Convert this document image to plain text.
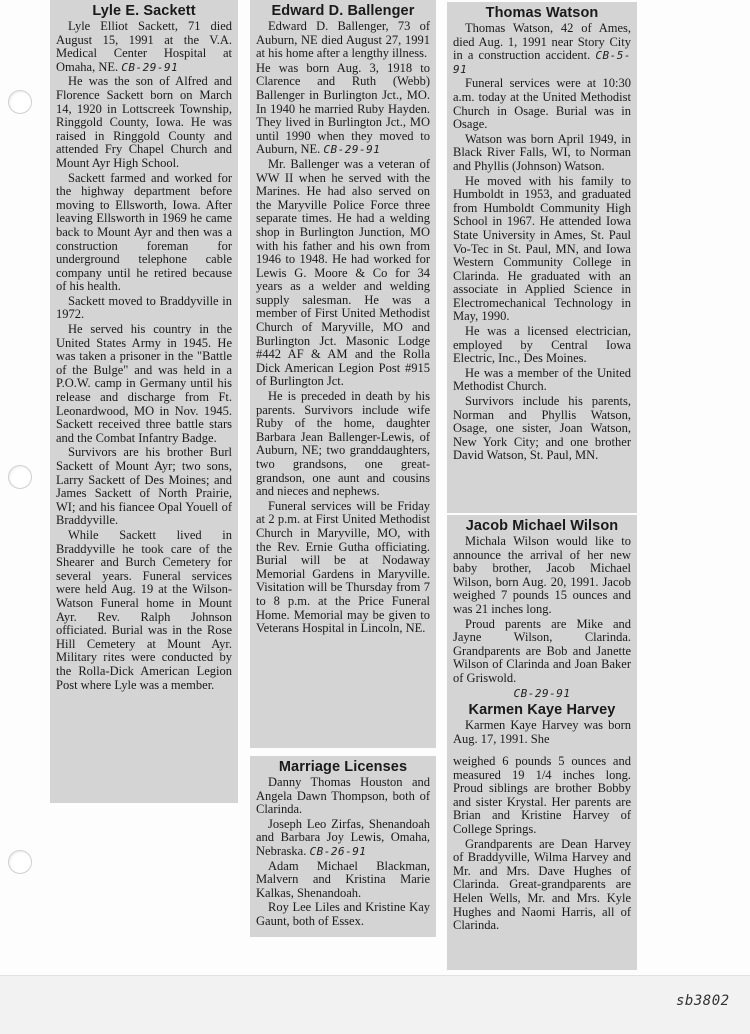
Lyle E. Sackett

Lyle Elliot Sackett, 71 died August 15, 1991 at the V.A. Medical Center Hospital at Omaha, NE. CB-29-91

He was the son of Alfred and Florence Sackett born on March 14, 1920 in Lottscreek Township, Ringgold County, Iowa. He was raised in Ringgold County and attended Fry Chapel Church and Mount Ayr High School.

Sackett farmed and worked for the highway department before moving to Ellsworth, Iowa. After leaving Ellsworth in 1969 he came back to Mount Ayr and then was a construction foreman for underground telephone cable company until he retired because of his health.

Sackett moved to Braddyville in 1972.

He served his country in the United States Army in 1945. He was taken a prisoner in the "Battle of the Bulge" and was held in a P.O.W. camp in Germany until his release and discharge from Ft. Leonardwood, MO in Nov. 1945. Sackett received three battle stars and the Combat Infantry Badge.

Survivors are his brother Burl Sackett of Mount Ayr; two sons, Larry Sackett of Des Moines; and James Sackett of North Prairie, WI; and his fiancee Opal Youell of Braddyville.

While Sackett lived in Braddyville he took care of the Shearer and Burch Cemetery for several years. Funeral services were held Aug. 19 at the Wilson-Watson Funeral home in Mount Ayr. Rev. Ralph Johnson officiated. Burial was in the Rose Hill Cemetery at Mount Ayr. Military rites were conducted by the Rolla-Dick American Legion Post where Lyle was a member.

Edward D. Ballenger

Edward D. Ballenger, 73 of Auburn, NE died August 27, 1991 at his home after a lengthy illness.

He was born Aug. 3, 1918 to Clarence and Ruth (Webb) Ballenger in Burlington Jct., MO. In 1940 he married Ruby Hayden. They lived in Burlington Jct., MO until 1990 when they moved to Auburn, NE. CB-29-91

Mr. Ballenger was a veteran of WW II when he served with the Marines. He had also served on the Maryville Police Force three separate times. He had a welding shop in Burlington Junction, MO with his father and his own from 1946 to 1948. He had worked for Lewis G. Moore & Co for 34 years as a welder and welding supply salesman. He was a member of First United Methodist Church of Maryville, MO and Burlington Jct. Masonic Lodge #442 AF & AM and the Rolla Dick American Legion Post #915 of Burlington Jct.

He is preceded in death by his parents. Survivors include wife Ruby of the home, daughter Barbara Jean Ballenger-Lewis, of Auburn, NE; two granddaughters, two grandsons, one great-grandson, one aunt and cousins and nieces and nephews.

Funeral services will be Friday at 2 p.m. at First United Methodist Church in Maryville, MO, with the Rev. Ernie Gutha officiating. Burial will be at Nodaway Memorial Gardens in Maryville. Visitation will be Thursday from 7 to 8 p.m. at the Price Funeral Home. Memorial may be given to Veterans Hospital in Lincoln, NE.

Marriage Licenses

Danny Thomas Houston and Angela Dawn Thompson, both of Clarinda.

Joseph Leo Zirfas, Shenandoah and Barbara Joy Lewis, Omaha, Nebraska. CB-26-91

Adam Michael Blackman, Malvern and Kristina Marie Kalkas, Shenandoah.

Roy Lee Liles and Kristine Kay Gaunt, both of Essex.

Thomas Watson

Thomas Watson, 42 of Ames, died Aug. 1, 1991 near Story City in a construction accident. CB-5-91

Funeral services were at 10:30 a.m. today at the United Methodist Church in Osage. Burial was in Osage.

Watson was born April 1949, in Black River Falls, WI, to Norman and Phyllis (Johnson) Watson.

He moved with his family to Humboldt in 1953, and graduated from Humboldt Community High School in 1967. He attended Iowa State University in Ames, St. Paul Vo-Tec in St. Paul, MN, and Iowa Western Community College in Clarinda. He graduated with an associate in Applied Science in Electromechanical Technology in May, 1990.

He was a licensed electrician, employed by Central Iowa Electric, Inc., Des Moines.

He was a member of the United Methodist Church.

Survivors include his parents, Norman and Phyllis Watson, Osage, one sister, Joan Watson, New York City; and one brother David Watson, St. Paul, MN.

Jacob Michael Wilson

Michala Wilson would like to announce the arrival of her new baby brother, Jacob Michael Wilson, born Aug. 20, 1991. Jacob weighed 7 pounds 15 ounces and was 21 inches long.

Proud parents are Mike and Jayne Wilson, Clarinda. Grandparents are Bob and Janette Wilson of Clarinda and Joan Baker of Griswold.

CB-29-91
Karmen Kaye Harvey

Karmen Kaye Harvey was born Aug. 17, 1991. She

weighed 6 pounds 5 ounces and measured 19 1/4 inches long. Proud siblings are brother Bobby and sister Krystal. Her parents are Brian and Kristine Harvey of College Springs.

Grandparents are Dean Harvey of Braddyville, Wilma Harvey and Mr. and Mrs. Dave Hughes of Clarinda. Great-grandparents are Helen Wells, Mr. and Mrs. Kyle Hughes and Naomi Harris, all of Clarinda.

sb3802
